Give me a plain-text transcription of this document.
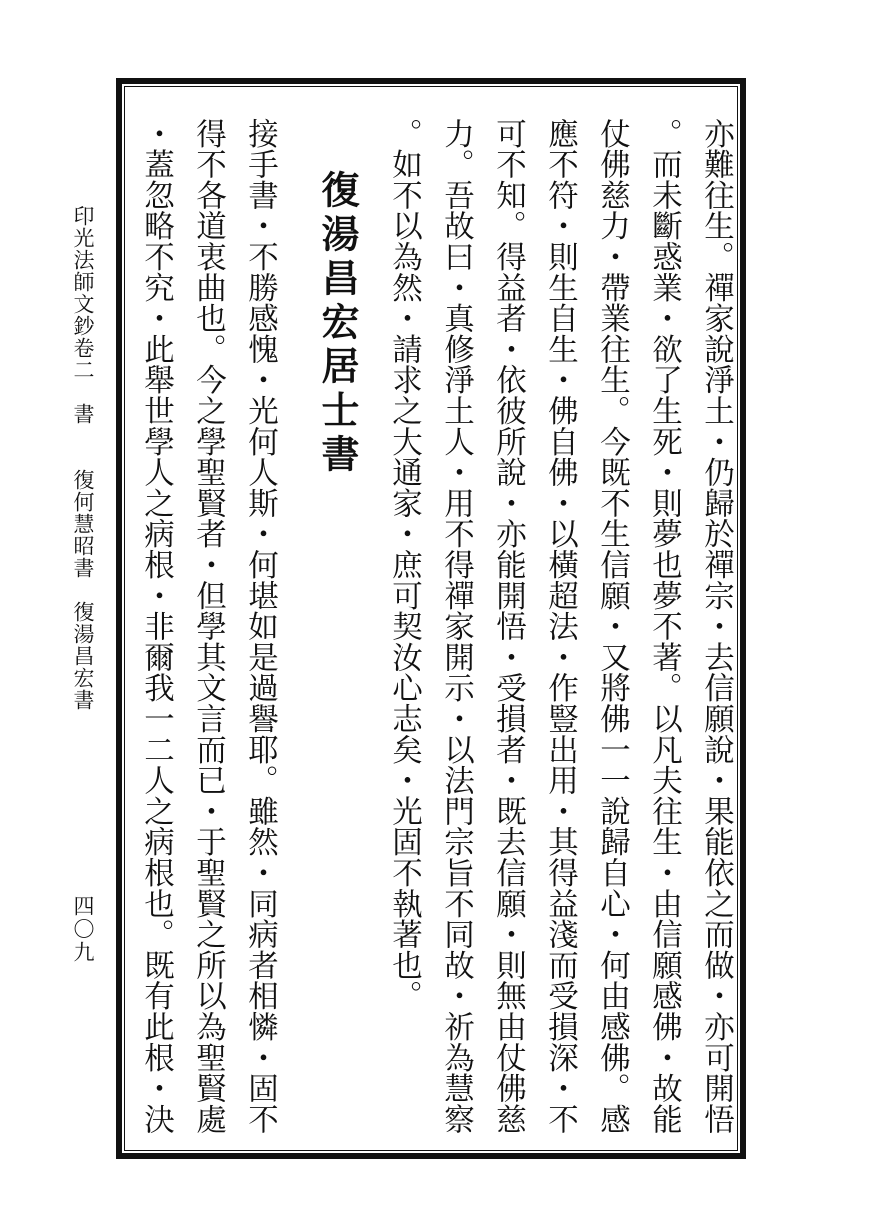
亦難往生。禪家說淨土・仍歸於禪宗・去信願說・果能依之而做・亦可開悟
。而未斷惑業・欲了生死・則夢也夢不著。以凡夫往生・由信願感佛・故能
仗佛慈力・帶業往生。今既不生信願・又將佛一一說歸自心・何由感佛。感
應不符・則生自生・佛自佛・以橫超法・作豎出用・其得益淺而受損深・不
可不知。得益者・依彼所說・亦能開悟・受損者・既去信願・則無由仗佛慈
力。吾故曰・真修淨土人・用不得禪家開示・以法門宗旨不同故・祈為慧察
。如不以為然・請求之大通家・庶可契汝心志矣・光固不執著也。
復湯昌宏居士書
接手書・不勝感愧・光何人斯・何堪如是過譽耶。雖然・同病者相憐・固不
得不各道衷曲也。今之學聖賢者・但學其文言而已・于聖賢之所以為聖賢處
・蓋忽略不究・此舉世學人之病根・非爾我一二人之病根也。既有此根・決
印光法師文鈔卷二　書　　復何慧昭書　復湯昌宏書
四〇九
